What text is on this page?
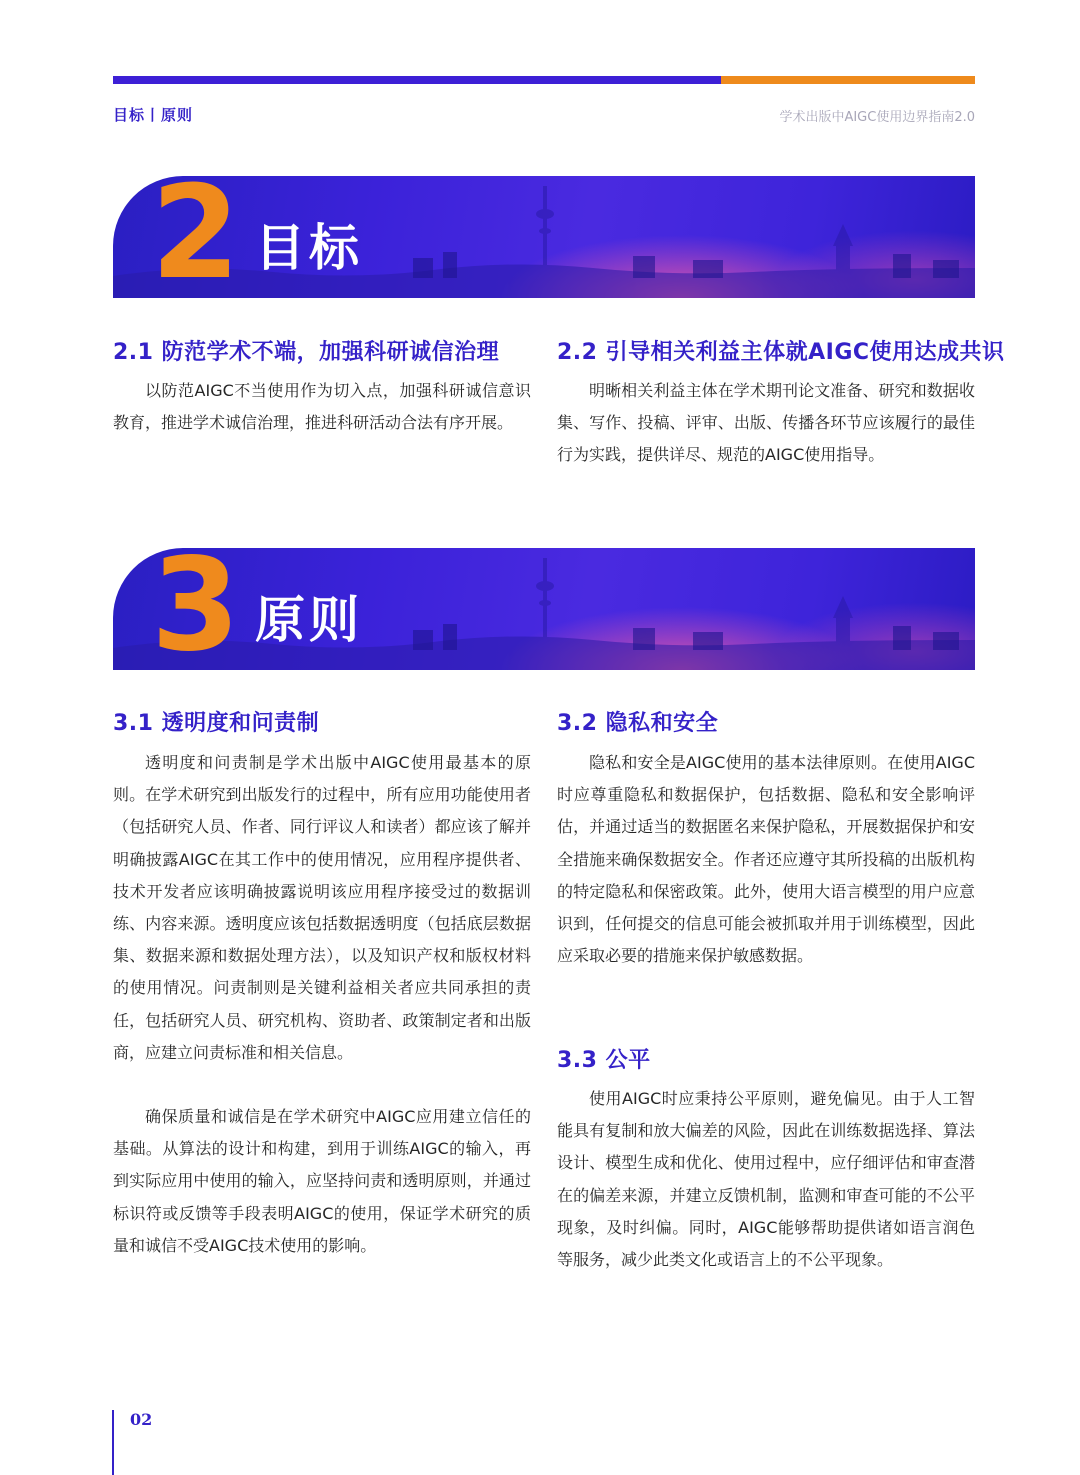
目标丨原则	学术出版中AIGC使用边界指南2.0
2 目标
2.1 防范学术不端，加强科研诚信治理

以防范AIGC不当使用作为切入点，加强科研诚信意识教育，推进学术诚信治理，推进科研活动合法有序开展。

2.2 引导相关利益主体就AIGC使用达成共识

明晰相关利益主体在学术期刊论文准备、研究和数据收集、写作、投稿、评审、出版、传播各环节应该履行的最佳行为实践，提供详尽、规范的AIGC使用指导。

3 原则
3.1 透明度和问责制

透明度和问责制是学术出版中AIGC使用最基本的原则。在学术研究到出版发行的过程中，所有应用功能使用者（包括研究人员、作者、同行评议人和读者）都应该了解并明确披露AIGC在其工作中的使用情况，应用程序提供者、技术开发者应该明确披露说明该应用程序接受过的数据训练、内容来源。透明度应该包括数据透明度（包括底层数据集、数据来源和数据处理方法），以及知识产权和版权材料的使用情况。问责制则是关键利益相关者应共同承担的责任，包括研究人员、研究机构、资助者、政策制定者和出版商，应建立问责标准和相关信息。

确保质量和诚信是在学术研究中AIGC应用建立信任的基础。从算法的设计和构建，到用于训练AIGC的输入，再到实际应用中使用的输入，应坚持问责和透明原则，并通过标识符或反馈等手段表明AIGC的使用，保证学术研究的质量和诚信不受AIGC技术使用的影响。

3.2 隐私和安全

隐私和安全是AIGC使用的基本法律原则。在使用AIGC时应尊重隐私和数据保护，包括数据、隐私和安全影响评估，并通过适当的数据匿名来保护隐私，开展数据保护和安全措施来确保数据安全。作者还应遵守其所投稿的出版机构的特定隐私和保密政策。此外，使用大语言模型的用户应意识到，任何提交的信息可能会被抓取并用于训练模型，因此应采取必要的措施来保护敏感数据。

3.3 公平

使用AIGC时应秉持公平原则，避免偏见。由于人工智能具有复制和放大偏差的风险，因此在训练数据选择、算法设计、模型生成和优化、使用过程中，应仔细评估和审查潜在的偏差来源，并建立反馈机制，监测和审查可能的不公平现象，及时纠偏。同时，AIGC能够帮助提供诸如语言润色等服务，减少此类文化或语言上的不公平现象。

02
